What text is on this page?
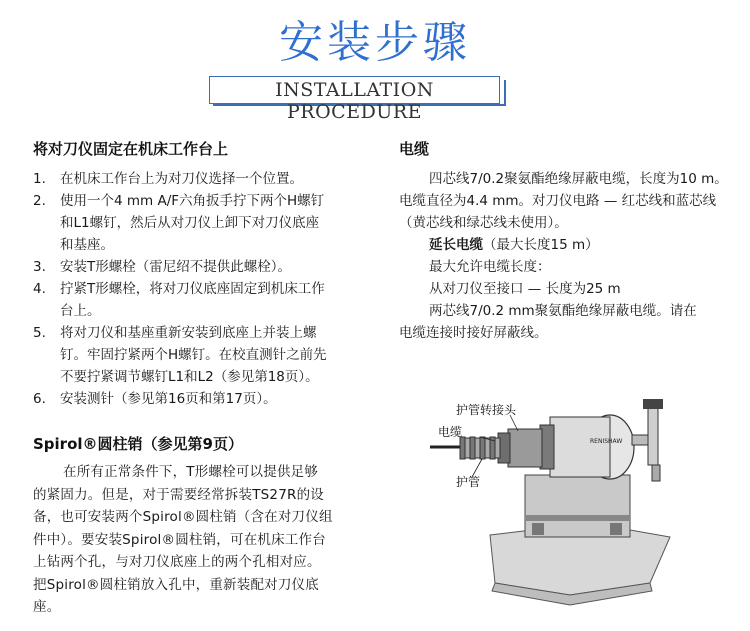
安装步骤
INSTALLATION PROCEDURE
将对刀仪固定在机床工作台上
1. 在机床工作台上为对刀仪选择一个位置。
2. 使用一个4 mm A/F六角扳手拧下两个H螺钉
和L1螺钉，然后从对刀仪上卸下对刀仪底座
和基座。
3. 安装T形螺栓（雷尼绍不提供此螺栓）。
4. 拧紧T形螺栓，将对刀仪底座固定到机床工作
台上。
5. 将对刀仪和基座重新安装到底座上并装上螺
钉。牢固拧紧两个H螺钉。在校直测针之前先
不要拧紧调节螺钉L1和L2（参见第18页）。
6. 安装测针（参见第16页和第17页）。
Spirol®圆柱销（参见第9页）

在所有正常条件下，T形螺栓可以提供足够
的紧固力。但是，对于需要经常拆装TS27R的设
备，也可安装两个Spirol®圆柱销（含在对刀仪组
件中）。要安装Spirol®圆柱销，可在机床工作台
上钻两个孔，与对刀仪底座上的两个孔相对应。
把Spirol®圆柱销放入孔中，重新装配对刀仪底
座。

电缆

四芯线7/0.2聚氨酯绝缘屏蔽电缆，长度为10 m。
电缆直径为4.4 mm。对刀仪电路 — 红芯线和蓝芯线
（黄芯线和绿芯线未使用）。

延长电缆（最大长度15 m）

最大允许电缆长度：

从对刀仪至接口 — 长度为25 m

两芯线7/0.2 mm聚氨酯绝缘屏蔽电缆。请在
电缆连接时接好屏蔽线。

RENISHAW
护管转接头
电缆
护管
